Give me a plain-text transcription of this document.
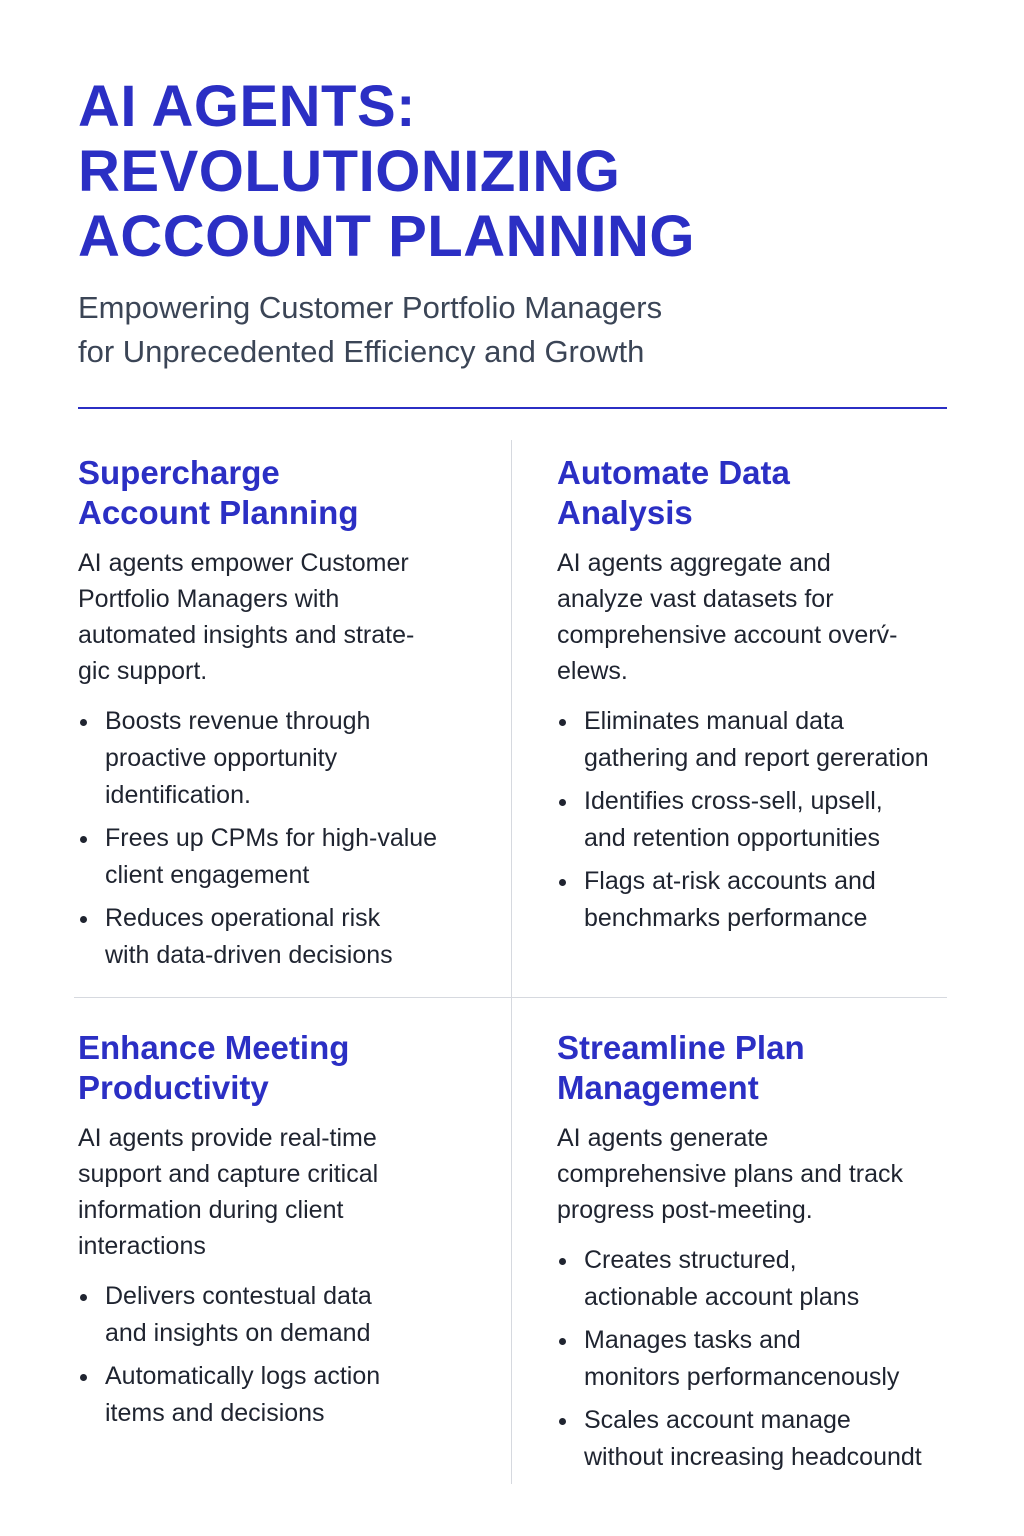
AI AGENTS:
REVOLUTIONIZING
ACCOUNT PLANNING

Empowering Customer Portfolio Managers
for Unprecedented Efficiency and Growth

Supercharge
Account Planning

AI agents empower Customer
Portfolio Managers with
automated insights and strate-
gic support.

Boosts revenue through
proactive opportunity
identification.
Frees up CPMs for high-value
client engagement
Reduces operational risk
with data-driven decisions
Automate Data
Analysis

AI agents aggregate and
analyze vast datasets for
comprehensive account overv́-
elews.

Eliminates manual data
gathering and report gereration
Identifies cross-sell, upsell,
and retention opportunities
Flags at-risk accounts and
benchmarks performance
Enhance Meeting
Productivity

AI agents provide real-time
support and capture critical
information during client
interactions

Delivers contestual data
and insights on demand
Automatically logs action
items and decisions
Streamline Plan
Management

AI agents generate
comprehensive plans and track
progress post-meeting.

Creates structured,
actionable account plans
Manages tasks and
monitors performancenously
Scales account manage
without increasing headcoundt
